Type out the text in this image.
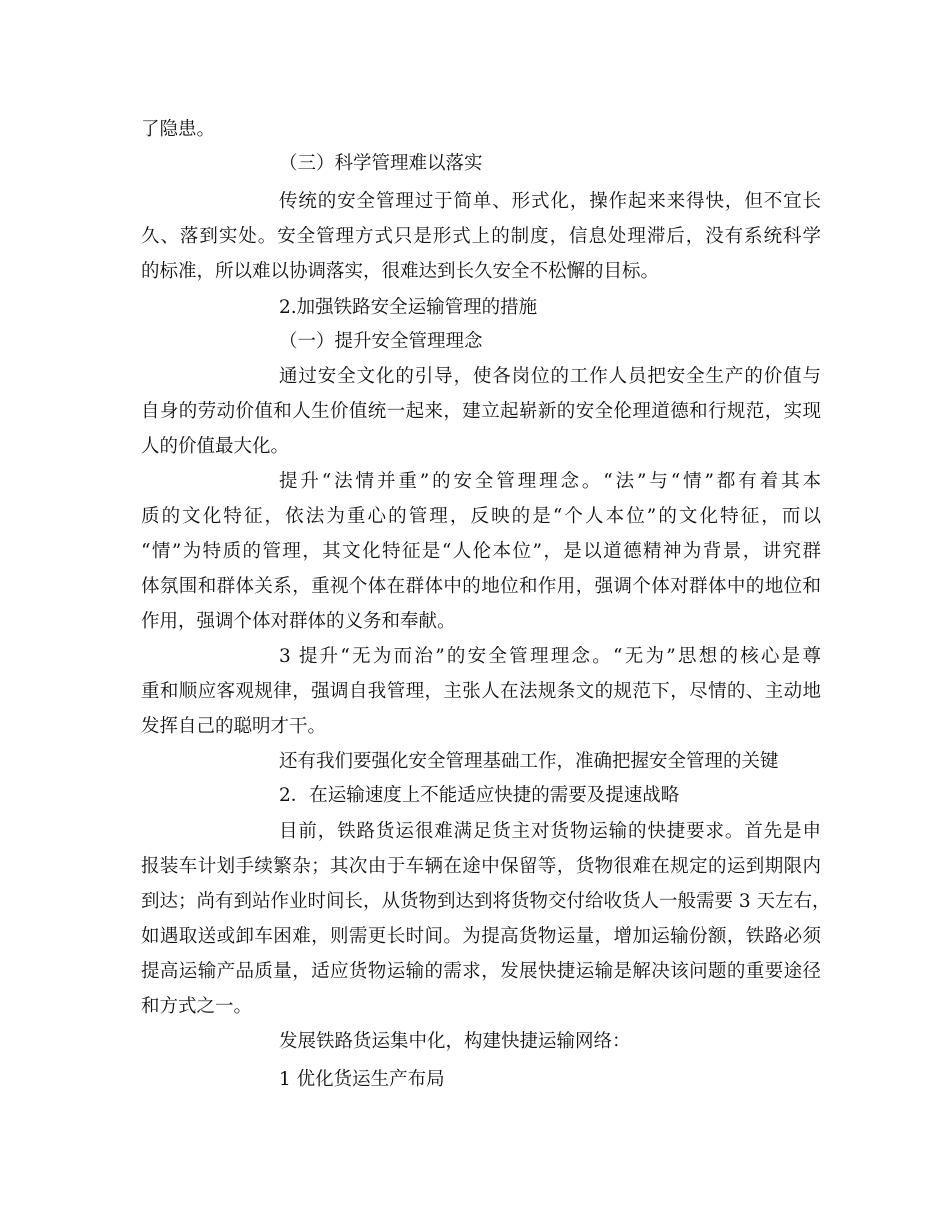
了隐患。
（三）科学管理难以落实
传统的安全管理过于简单、形式化，操作起来来得快，但不宜长
久、落到实处。安全管理方式只是形式上的制度，信息处理滞后，没有系统科学
的标准，所以难以协调落实，很难达到长久安全不松懈的目标。
2.加强铁路安全运输管理的措施
（一）提升安全管理理念
通过安全文化的引导，使各岗位的工作人员把安全生产的价值与
自身的劳动价值和人生价值统一起来，建立起崭新的安全伦理道德和行规范，实现
人的价值最大化。
提升“法情并重”的安全管理理念。“法”与“情”都有着其本
质的文化特征，依法为重心的管理，反映的是“个人本位”的文化特征，而以
“情”为特质的管理，其文化特征是“人伦本位”，是以道德精神为背景，讲究群
体氛围和群体关系，重视个体在群体中的地位和作用，强调个体对群体中的地位和
作用，强调个体对群体的义务和奉献。
3 提升“无为而治”的安全管理理念。“无为”思想的核心是尊
重和顺应客观规律，强调自我管理，主张人在法规条文的规范下，尽情的、主动地
发挥自己的聪明才干。
还有我们要强化安全管理基础工作，准确把握安全管理的关键
2．在运输速度上不能适应快捷的需要及提速战略
目前，铁路货运很难满足货主对货物运输的快捷要求。首先是申
报装车计划手续繁杂；其次由于车辆在途中保留等，货物很难在规定的运到期限内
到达；尚有到站作业时间长，从货物到达到将货物交付给收货人一般需要 3 天左右，
如遇取送或卸车困难，则需更长时间。为提高货物运量，增加运输份额，铁路必须
提高运输产品质量，适应货物运输的需求，发展快捷运输是解决该问题的重要途径
和方式之一。
发展铁路货运集中化，构建快捷运输网络：
1 优化货运生产布局
